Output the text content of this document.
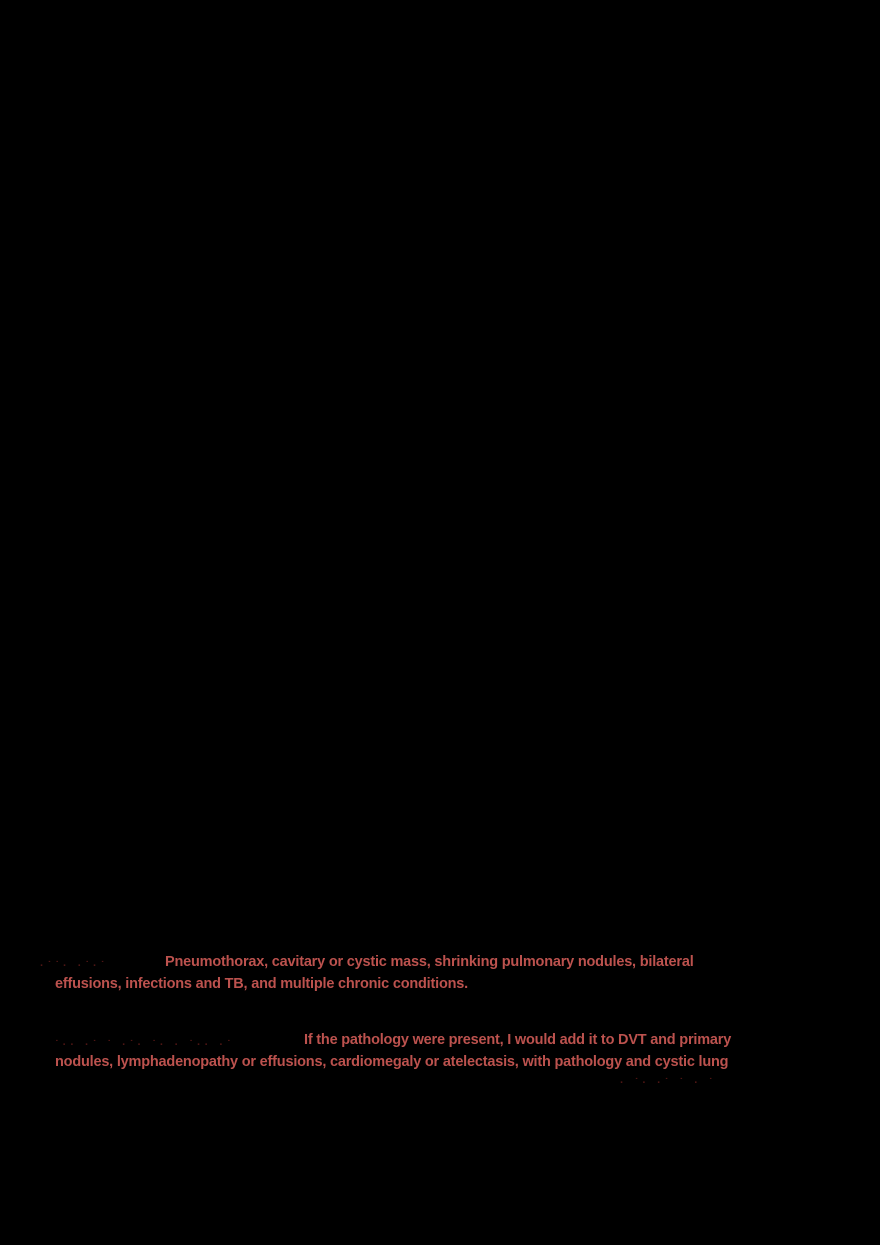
·˙˙· ·˙·˙	Pneumothorax, cavitary or cystic mass, shrinking pulmonary nodules, bilateral
effusions, infections and TB, and multiple chronic conditions.
˙·· ·˙ ˙ ·˙· ˙· · ˙·· ·˙	If the pathology were present, I would add it to DVT and primary
nodules, lymphadenopathy or effusions, cardiomegaly or atelectasis, with pathology and cystic lung
· ˙· ·˙ ˙ · ˙
